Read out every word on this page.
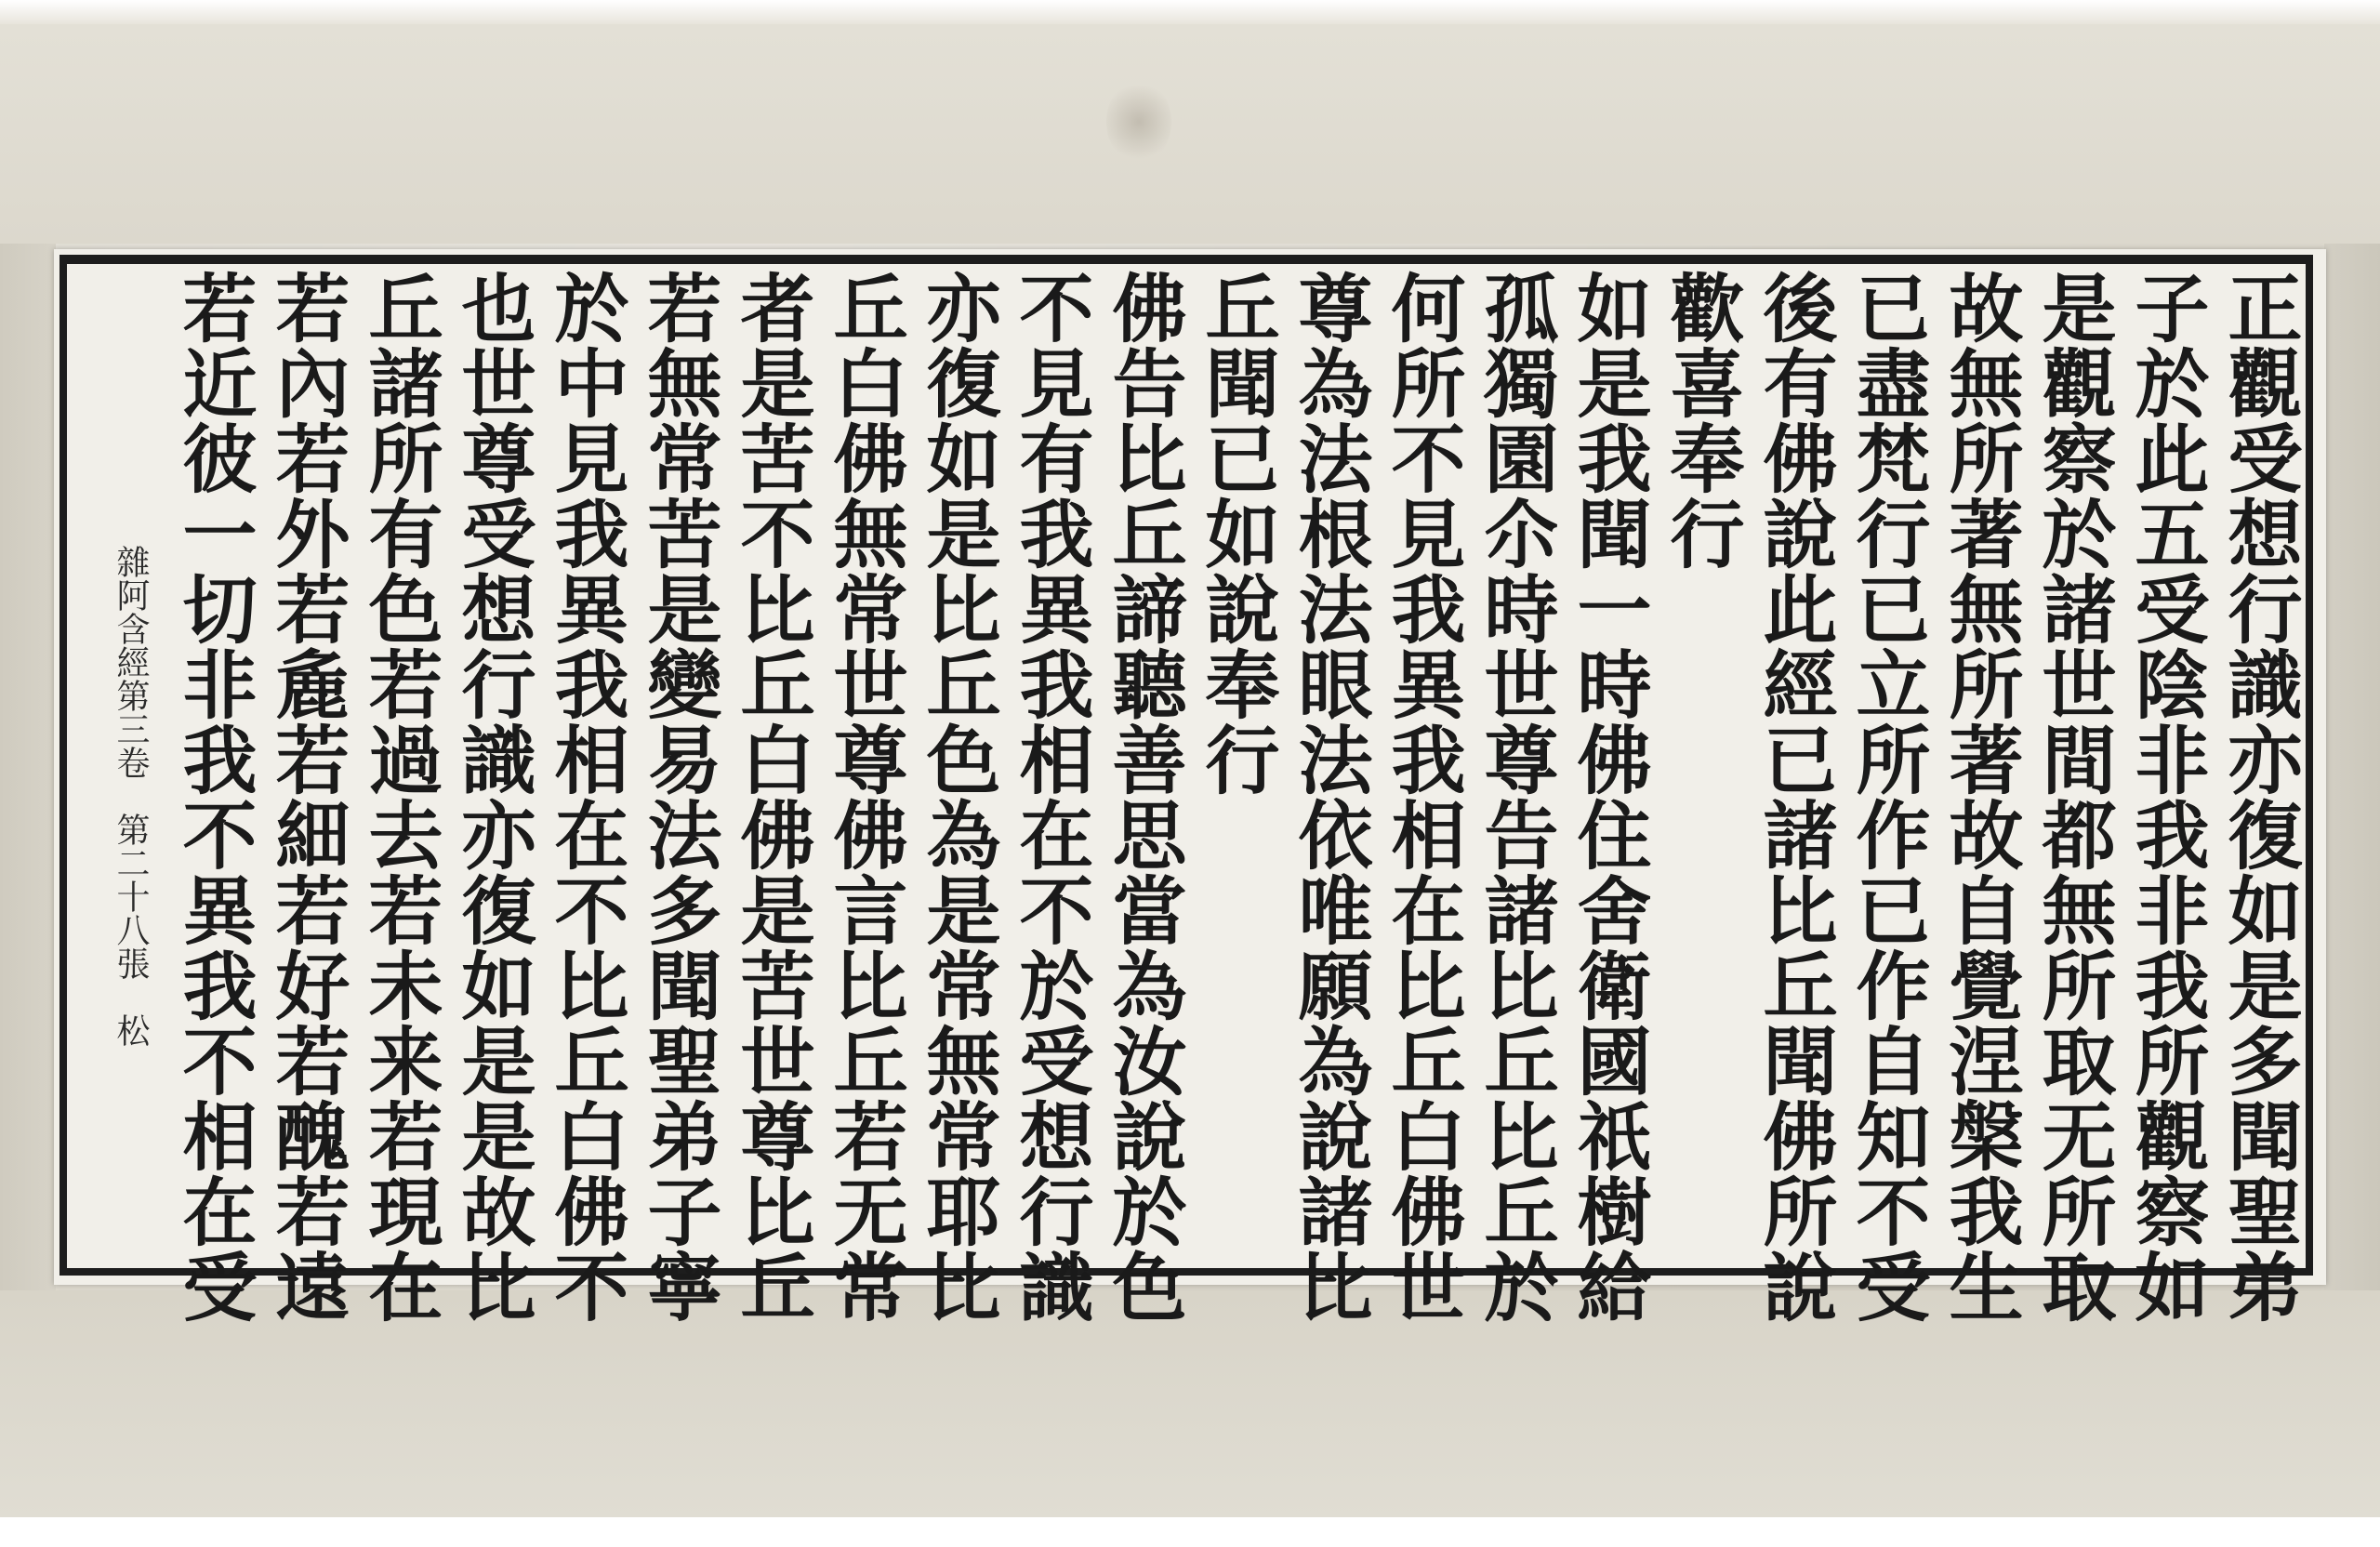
正觀受想行識亦復如是多聞聖弟
子於此五受陰非我非我所觀察如
是觀察於諸世間都無所取无所取
故無所著無所著故自覺涅槃我生
已盡梵行已立所作已作自知不受
後有佛說此經已諸比丘聞佛所說
歡喜奉行
如是我聞一時佛住舍衛國祇樹給
孤獨園尒時世尊告諸比丘比丘於
何所不見我異我相在比丘白佛世
尊為法根法眼法依唯願為說諸比
丘聞已如說奉行
佛告比丘諦聽善思當為汝說於色
不見有我異我相在不於受想行識
亦復如是比丘色為是常無常耶比
丘白佛無常世尊佛言比丘若无常
者是苦不比丘白佛是苦世尊比丘
若無常苦是變易法多聞聖弟子寧
於中見我異我相在不比丘白佛不
也世尊受想行識亦復如是是故比
丘諸所有色若過去若未来若現在
若內若外若麁若細若好若醜若遠
若近彼一切非我不異我不相在受
雜阿含經第三卷　第二十八張　松
